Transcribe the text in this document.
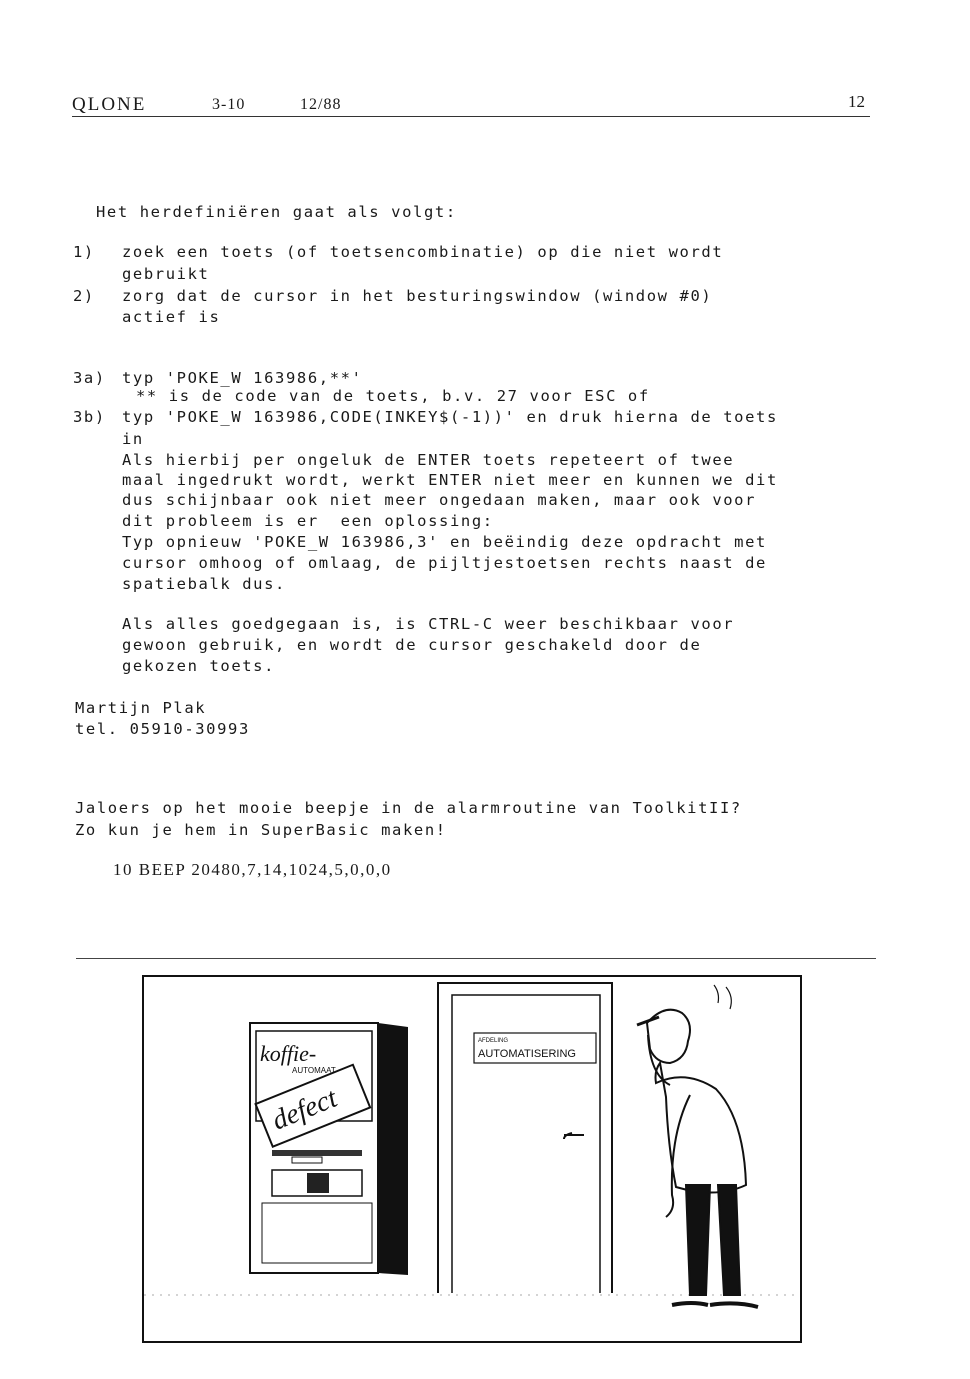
QLONE	3-10	12/88	12
Het herdefiniëren gaat als volgt:
1) zoek een toets (of toetsencombinatie) op die niet wordt
gebruikt
2) zorg dat de cursor in het besturingswindow (window #0)
actief is
3a) typ 'POKE_W 163986,**'
** is de code van de toets, b.v. 27 voor ESC of
3b) typ 'POKE_W 163986,CODE(INKEY$(-1))' en druk hierna de toets
in
Als hierbij per ongeluk de ENTER toets repeteert of twee
maal ingedrukt wordt, werkt ENTER niet meer en kunnen we dit
dus schijnbaar ook niet meer ongedaan maken, maar ook voor
dit probleem is er  een oplossing:
Typ opnieuw 'POKE_W 163986,3' en beëindig deze opdracht met
cursor omhoog of omlaag, de pijltjestoetsen rechts naast de
spatiebalk dus.
Als alles goedgegaan is, is CTRL-C weer beschikbaar voor
gewoon gebruik, en wordt de cursor geschakeld door de
gekozen toets.
Martijn Plak
tel. 05910-30993
Jaloers op het mooie beepje in de alarmroutine van ToolkitII?
Zo kun je hem in SuperBasic maken!
10 BEEP 20480,7,14,1024,5,0,0,0
koffie-
AUTOMAAT
defect
AFDELING
AUTOMATISERING
